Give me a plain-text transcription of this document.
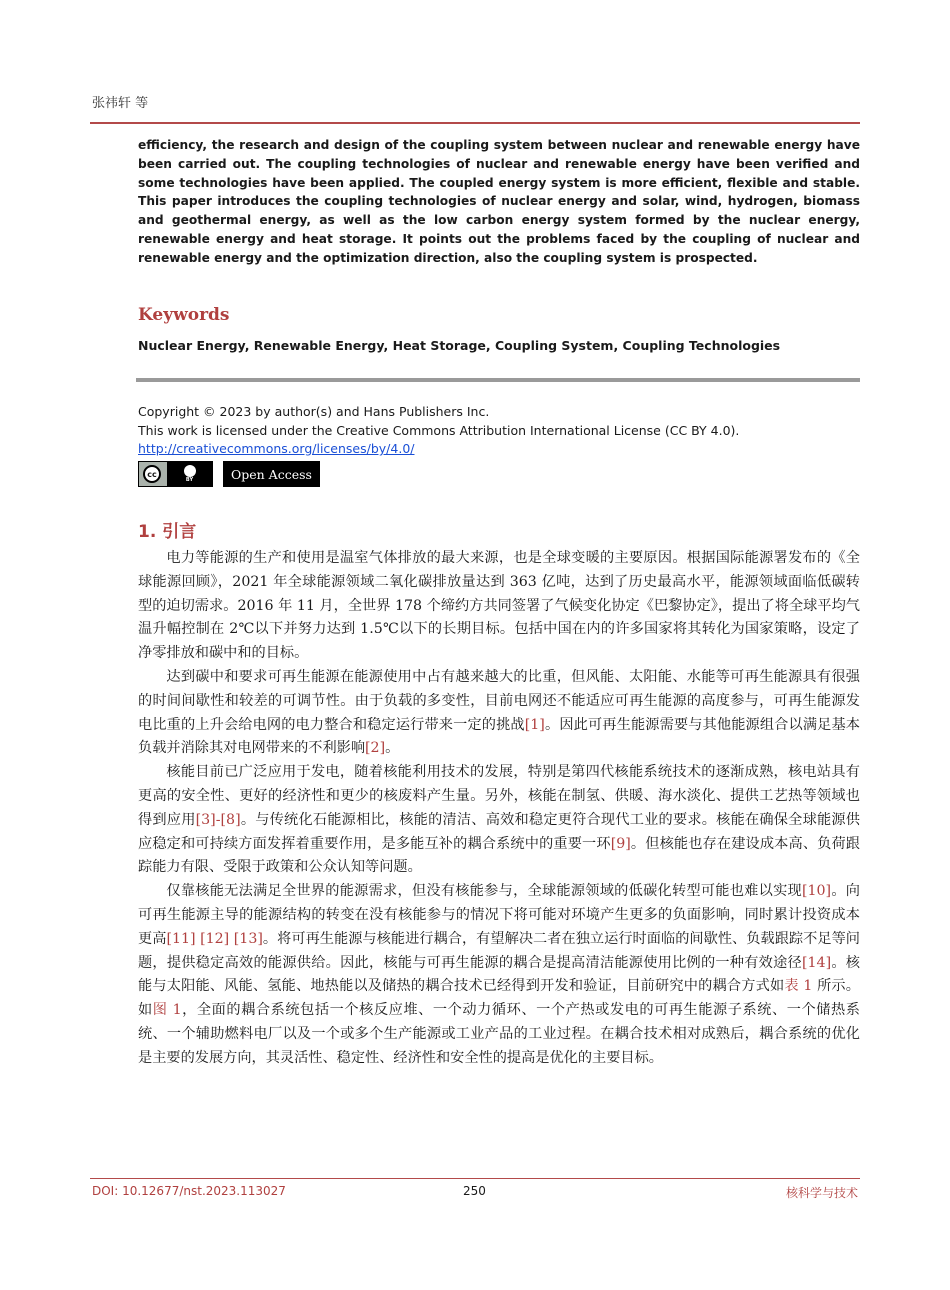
张祎轩 等
efficiency, the research and design of the coupling system between nuclear and renewable energy have been carried out. The coupling technologies of nuclear and renewable energy have been verified and some technologies have been applied. The coupled energy system is more efficient, flexible and stable. This paper introduces the coupling technologies of nuclear energy and solar, wind, hydrogen, biomass and geothermal energy, as well as the low carbon energy system formed by the nuclear energy, renewable energy and heat storage. It points out the problems faced by the coupling of nuclear and renewable energy and the optimization direction, also the coupling system is prospected.
Keywords
Nuclear Energy, Renewable Energy, Heat Storage, Coupling System, Coupling Technologies
Copyright © 2023 by author(s) and Hans Publishers Inc.
This work is licensed under the Creative Commons Attribution International License (CC BY 4.0).
http://creativecommons.org/licenses/by/4.0/
cc
BY	Open Access
1. 引言

电力等能源的生产和使用是温室气体排放的最大来源，也是全球变暖的主要原因。根据国际能源署发布的《全球能源回顾》，2021 年全球能源领域二氧化碳排放量达到 363 亿吨，达到了历史最高水平，能源领域面临低碳转型的迫切需求。2016 年 11 月，全世界 178 个缔约方共同签署了气候变化协定《巴黎协定》，提出了将全球平均气温升幅控制在 2℃以下并努力达到 1.5℃以下的长期目标。包括中国在内的许多国家将其转化为国家策略，设定了净零排放和碳中和的目标。

达到碳中和要求可再生能源在能源使用中占有越来越大的比重，但风能、太阳能、水能等可再生能源具有很强的时间间歇性和较差的可调节性。由于负载的多变性，目前电网还不能适应可再生能源的高度参与，可再生能源发电比重的上升会给电网的电力整合和稳定运行带来一定的挑战[1]。因此可再生能源需要与其他能源组合以满足基本负载并消除其对电网带来的不利影响[2]。

核能目前已广泛应用于发电，随着核能利用技术的发展，特别是第四代核能系统技术的逐渐成熟，核电站具有更高的安全性、更好的经济性和更少的核废料产生量。另外，核能在制氢、供暖、海水淡化、提供工艺热等领域也得到应用[3]-[8]。与传统化石能源相比，核能的清洁、高效和稳定更符合现代工业的要求。核能在确保全球能源供应稳定和可持续方面发挥着重要作用，是多能互补的耦合系统中的重要一环[9]。但核能也存在建设成本高、负荷跟踪能力有限、受限于政策和公众认知等问题。

仅靠核能无法满足全世界的能源需求，但没有核能参与，全球能源领域的低碳化转型可能也难以实现[10]。向可再生能源主导的能源结构的转变在没有核能参与的情况下将可能对环境产生更多的负面影响，同时累计投资成本更高[11] [12] [13]。将可再生能源与核能进行耦合，有望解决二者在独立运行时面临的间歇性、负载跟踪不足等问题，提供稳定高效的能源供给。因此，核能与可再生能源的耦合是提高清洁能源使用比例的一种有效途径[14]。核能与太阳能、风能、氢能、地热能以及储热的耦合技术已经得到开发和验证，目前研究中的耦合方式如表 1 所示。如图 1，全面的耦合系统包括一个核反应堆、一个动力循环、一个产热或发电的可再生能源子系统、一个储热系统、一个辅助燃料电厂以及一个或多个生产能源或工业产品的工业过程。在耦合技术相对成熟后，耦合系统的优化是主要的发展方向，其灵活性、稳定性、经济性和安全性的提高是优化的主要目标。

DOI: 10.12677/nst.2023.113027	250	核科学与技术
